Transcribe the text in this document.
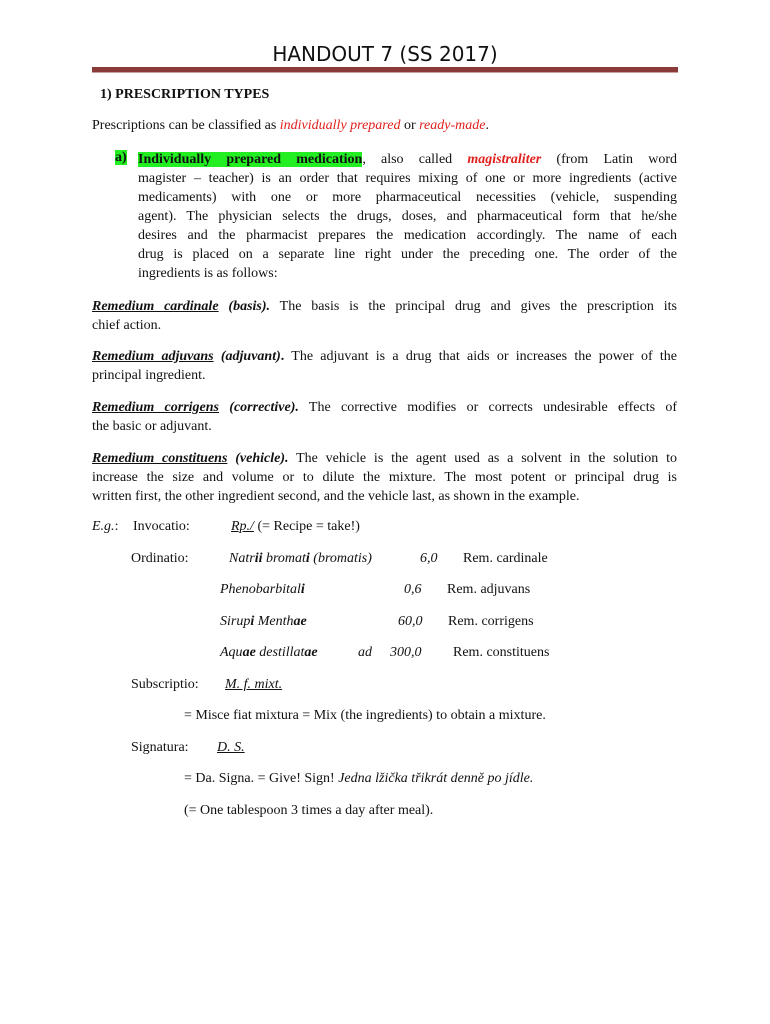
HANDOUT 7 (SS 2017)
1) PRESCRIPTION TYPES
Prescriptions can be classified as individually prepared or ready-made.
a) Individually prepared medication, also called magistraliter (from Latin word
magister – teacher) is an order that requires mixing of one or more ingredients (active
medicaments) with one or more pharmaceutical necessities (vehicle, suspending
agent). The physician selects the drugs, doses, and pharmaceutical form that he/she
desires and the pharmacist prepares the medication accordingly. The name of each
drug is placed on a separate line right under the preceding one. The order of the
ingredients is as follows:
Remedium cardinale (basis). The basis is the principal drug and gives the prescription its
chief action.
Remedium adjuvans (adjuvant). The adjuvant is a drug that aids or increases the power of the
principal ingredient.
Remedium corrigens (corrective). The corrective modifies or corrects undesirable effects of
the basic or adjuvant.
Remedium constituens (vehicle). The vehicle is the agent used as a solvent in the solution to
increase the size and volume or to dilute the mixture. The most potent or principal drug is
written first, the other ingredient second, and the vehicle last, as shown in the example.
E.g.: Invocatio:	Rp./ (= Recipe = take!)
Ordinatio:	Natrii bromati (bromatis)	6,0 Rem. cardinale
Phenobarbitali	0,6 Rem. adjuvans
Sirupi Menthae	60,0 Rem. corrigens
Aquae destillatae	ad 300,0 Rem. constituens
Subscriptio: M. f. mixt.
= Misce fiat mixtura = Mix (the ingredients) to obtain a mixture.
Signatura: D. S.
= Da. Signa. = Give! Sign! Jedna lžička třikrát denně po jídle.
(= One tablespoon 3 times a day after meal).
